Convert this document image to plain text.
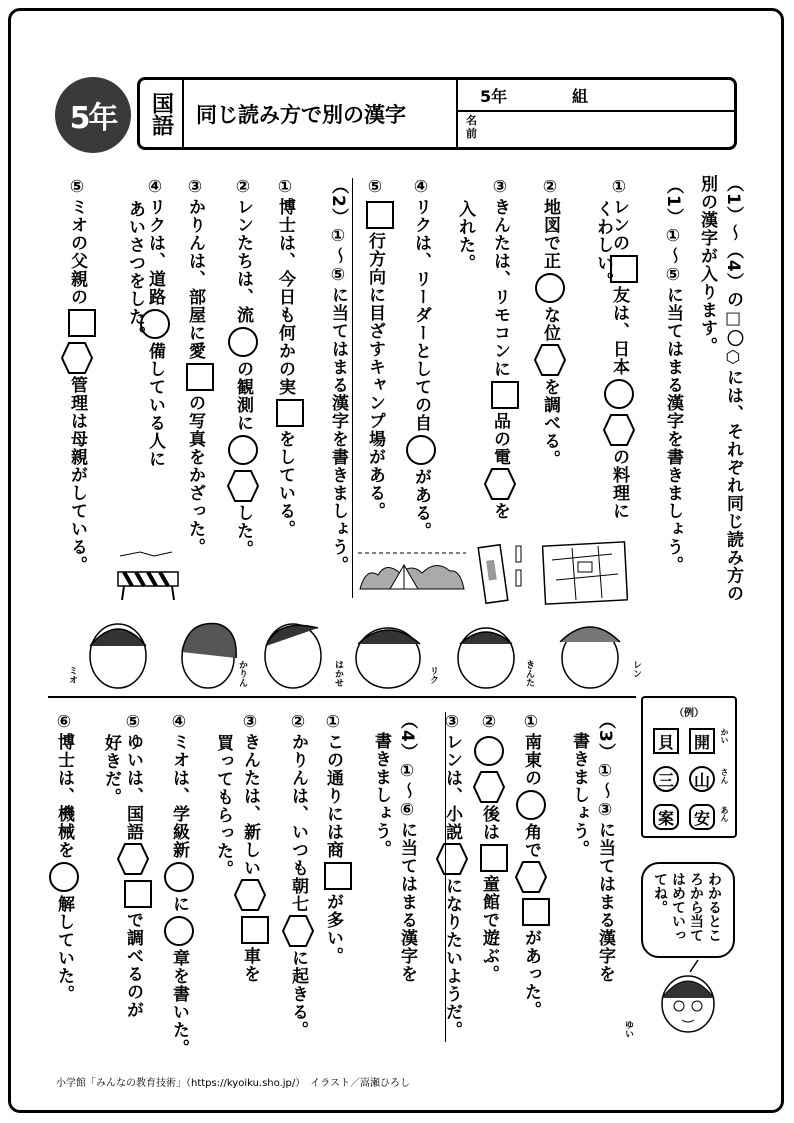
5年	国語 同じ読み方で別の漢字
5年	組
名前
（1）～（4）の□〇⬡には、それぞれ同じ読み方の
別の漢字が入ります。
（1）①～⑤に当てはまる漢字を書きましょう。
①レンの友は、日本
の料理に
くわしい。
②地図で正な位
を調べる。
③きんたは、リモコンに品の電
を
入れた。
④リクは、リーダーとしての自がある。
⑤行方向に目ざすキャンプ場がある。
（2）①～⑤に当てはまる漢字を書きましょう。
①博士は、今日も何かの実をしている。
②レンたちは、流の観測に
した。
③かりんは、部屋に愛の写真をかざった。
④リクは、道路備している人に
あいさつをした。
⑤ミオの父親の
管理は母親がしている。
レン
きんた
リク
はかせ
かりん
ミオ
（例）
貝	開	かい
三	山	さん
案	安	あん
わかるところから当てはめていってね。
ゆい
（3）①～③に当てはまる漢字を
書きましょう。
①南東の角で
があった。
②
後は童館で遊ぶ。
③レンは、小説
になりたいようだ。
（4）①～⑥に当てはまる漢字を
書きましょう。
①この通りには商が多い。
②かりんは、いつも朝七
に起きる。
③きんたは、新しい
車を
買ってもらった。
④ミオは、学級新に章を書いた。
⑤ゆいは、国語
で調べるのが
好きだ。
⑥博士は、機械を解していた。
小学館「みんなの教育技術」（https://kyoiku.sho.jp/）　イラスト／嵩瀬ひろし
